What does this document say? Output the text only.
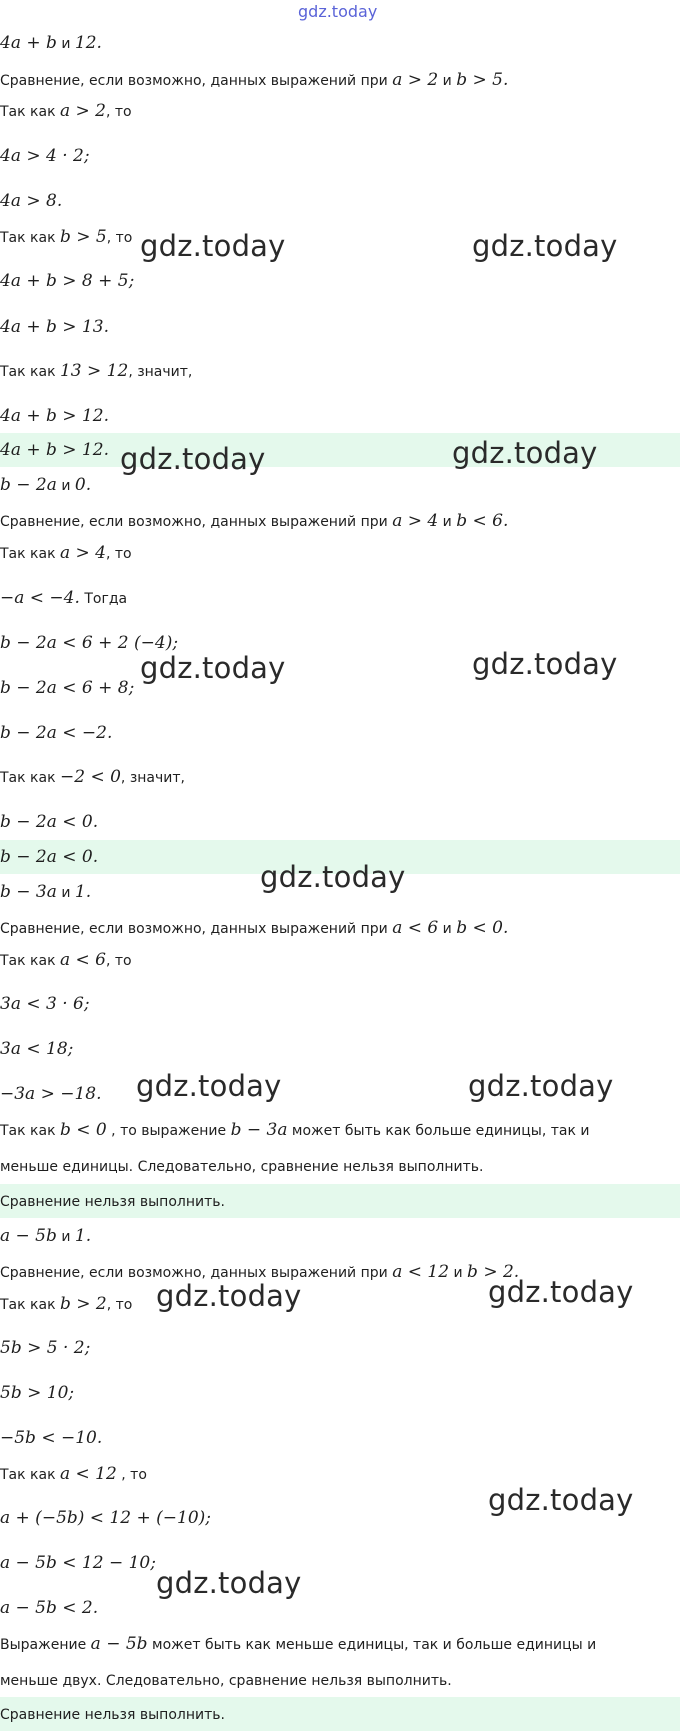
gdz.today
4a + b и 12.
Сравнение, если возможно, данных выражений при a > 2 и b > 5.
Так как a > 2, то
4a > 4 · 2;
4a > 8.
Так как b > 5, то
4a + b > 8 + 5;
4a + b > 13.
Так как 13 > 12, значит,
4a + b > 12.
4a + b > 12.
b − 2a и 0.
Сравнение, если возможно, данных выражений при a > 4 и b < 6.
Так как a > 4, то
−a < −4. Тогда
b − 2a < 6 + 2 (−4);
b − 2a < 6 + 8;
b − 2a < −2.
Так как −2 < 0, значит,
b − 2a < 0.
b − 2a < 0.
b − 3a и 1.
Сравнение, если возможно, данных выражений при a < 6 и b < 0.
Так как a < 6, то
3a < 3 · 6;
3a < 18;
−3a > −18.
Так как b < 0 , то выражение b − 3a может быть как больше единицы, так и
меньше единицы. Следовательно, сравнение нельзя выполнить.
Сравнение нельзя выполнить.
a − 5b и 1.
Сравнение, если возможно, данных выражений при a < 12 и b > 2.
Так как b > 2, то
5b > 5 · 2;
5b > 10;
−5b < −10.
Так как a < 12 , то
a + (−5b) < 12 + (−10);
a − 5b < 12 − 10;
a − 5b < 2.
Выражение a − 5b может быть как меньше единицы, так и больше единицы и
меньше двух. Следовательно, сравнение нельзя выполнить.
Сравнение нельзя выполнить.
gdz.today	gdz.today
gdz.today	gdz.today
gdz.today	gdz.today
gdz.today
gdz.today	gdz.today
gdz.today	gdz.today
gdz.today
gdz.today
